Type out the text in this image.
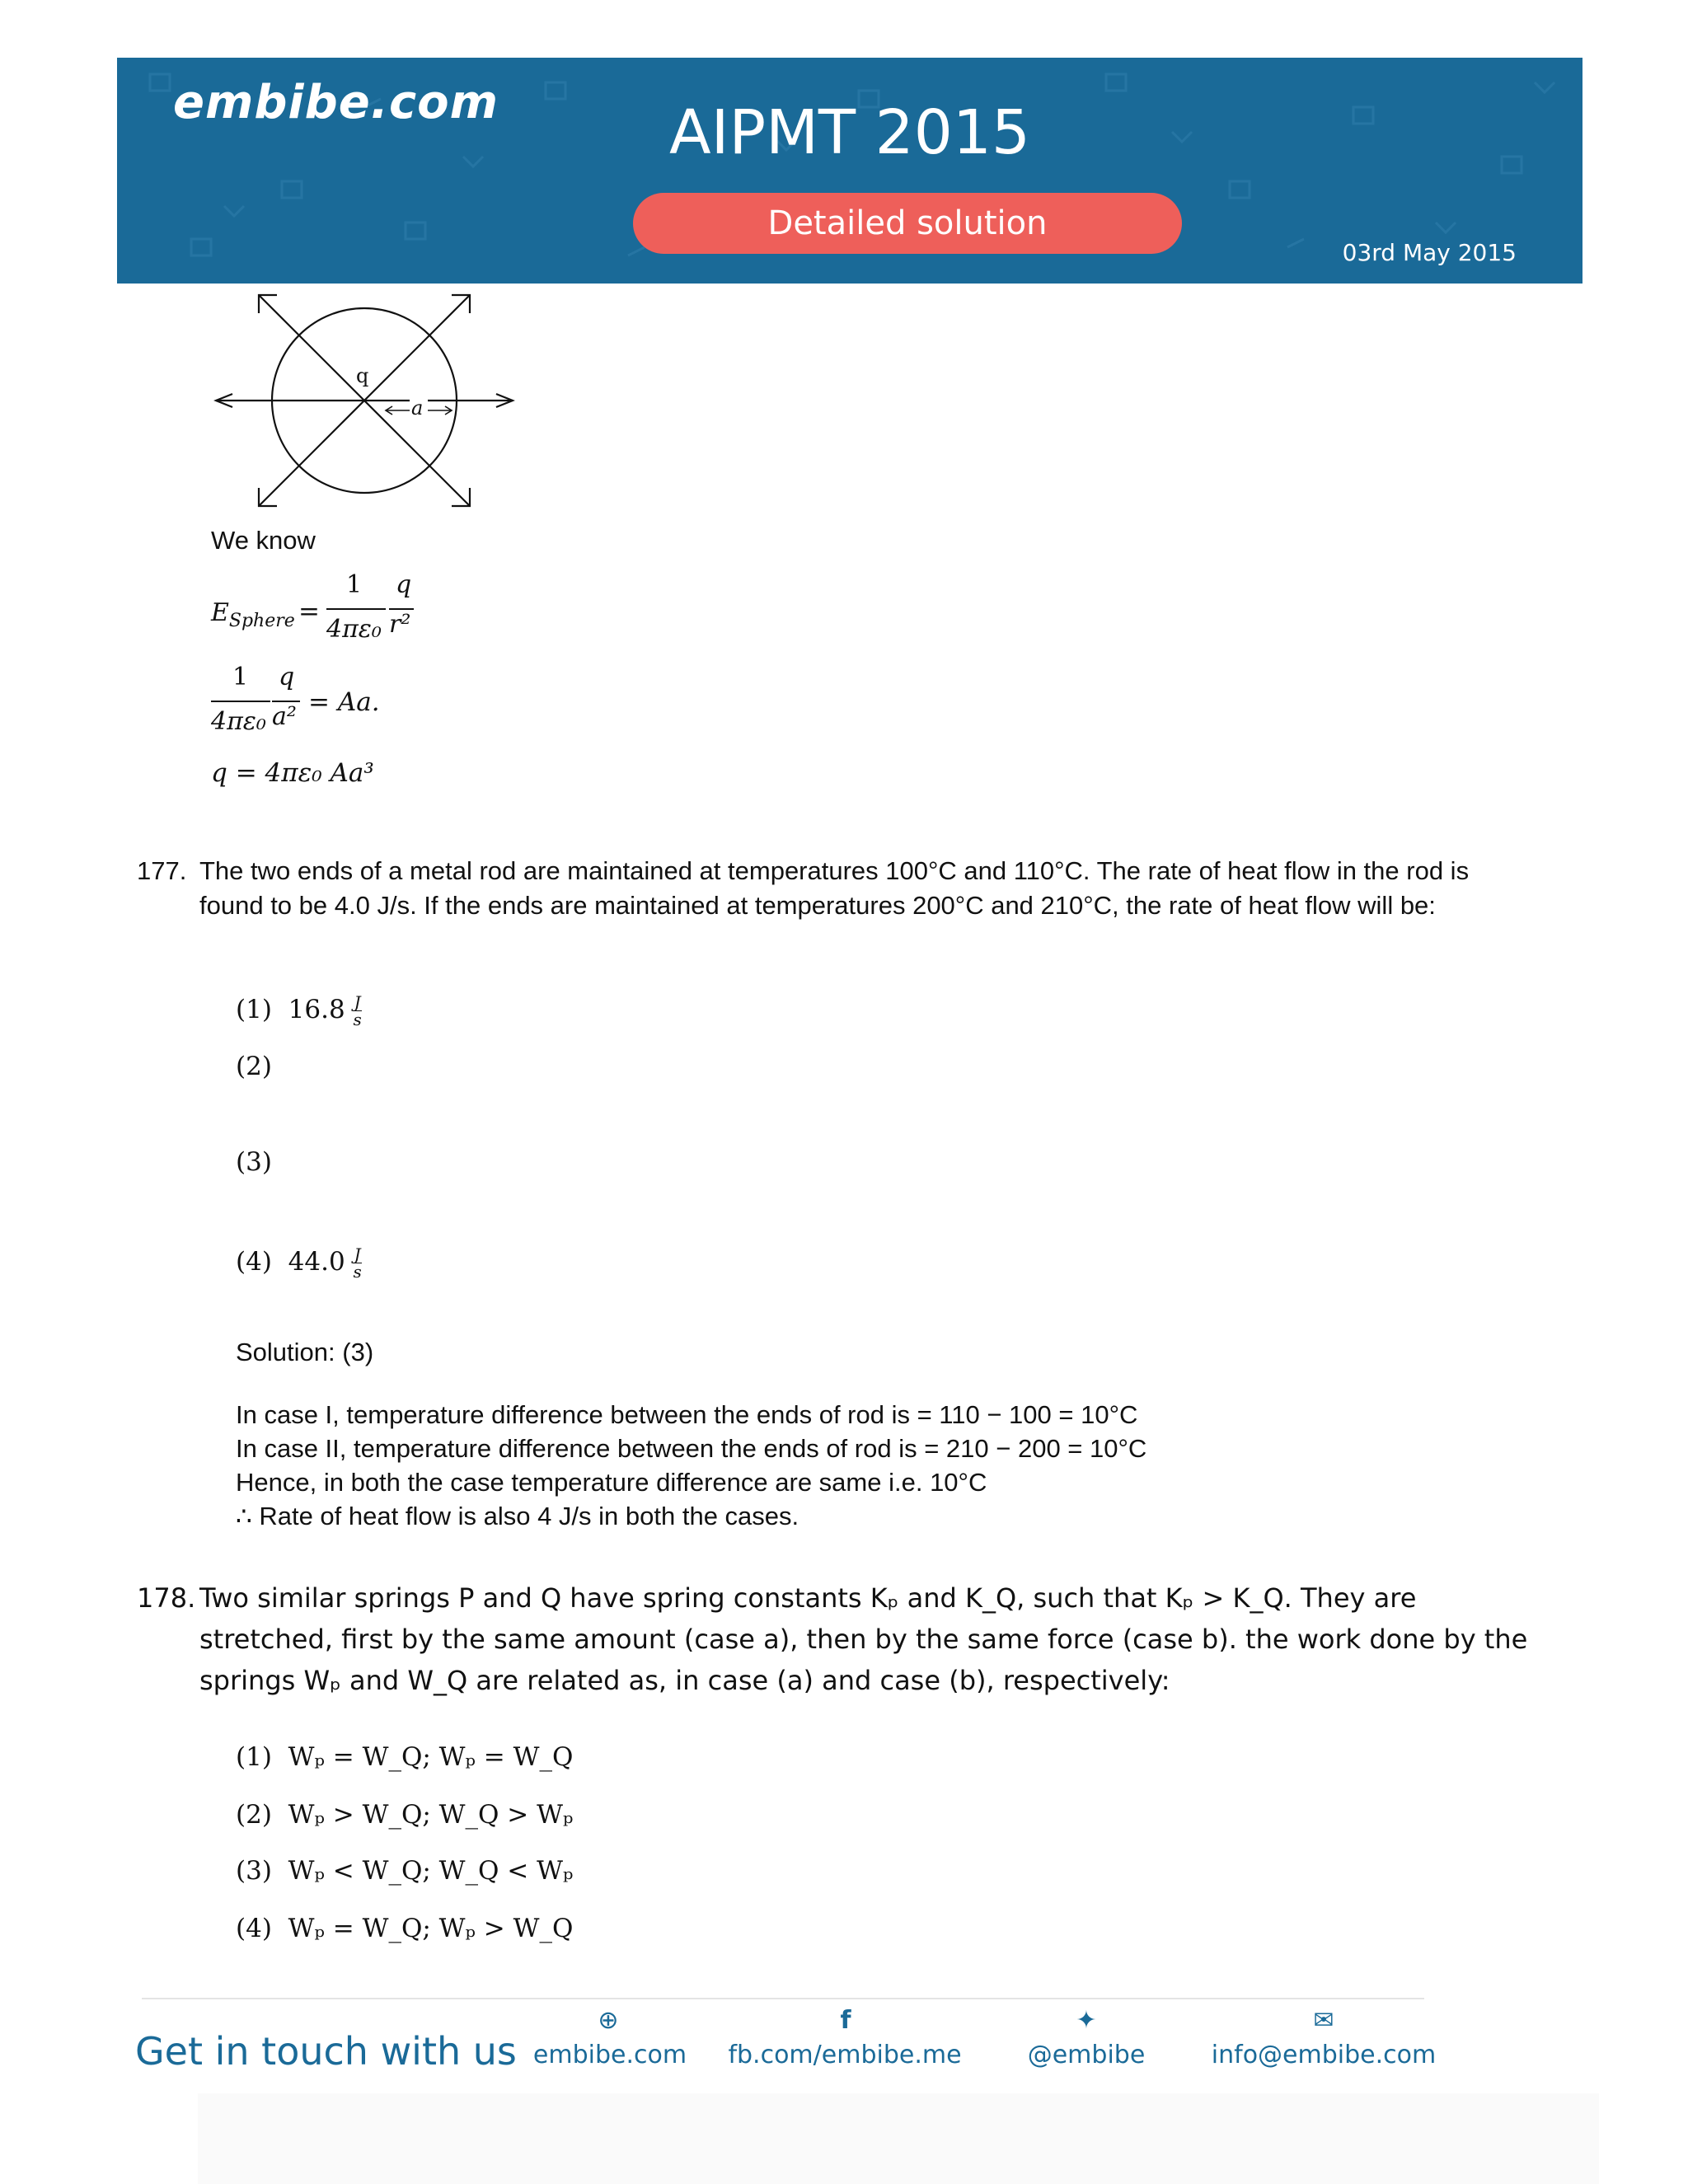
embibe.com	AIPMT 2015
Detailed solution
03rd May 2015
q
a
We know
$E_{Sphere}$ =
1
4πε₀
q
r²
1
4πε₀
q
a² = Aa.
q = 4πε₀ Aa³
177. The two ends of a metal rod are maintained at temperatures 100°C and 110°C. The rate of heat flow in the rod is found to be 4.0 J/s. If the ends are maintained at temperatures 200°C and 210°C, the rate of heat flow will be:
(1) $16.8 \frac{J}{s}$
(2)
(3)
(4) $44.0 \frac{J}{s}$
Solution: (3)
In case I, temperature difference between the ends of rod is = 110 − 100 = 10°C
In case II, temperature difference between the ends of rod is = 210 − 200 = 10°C
Hence, in both the case temperature difference are same i.e. 10°C
∴ Rate of heat flow is also 4 J/s in both the cases.
178. Two similar springs P and Q have spring constants Kₚ and K_Q, such that Kₚ > K_Q. They are stretched, first by the same amount (case a), then by the same force (case b). the work done by the springs Wₚ and W_Q are related as, in case (a) and case (b), respectively:
(1) Wₚ = W_Q; Wₚ = W_Q
(2) Wₚ > W_Q; W_Q > Wₚ
(3) Wₚ < W_Q; W_Q < Wₚ
(4) Wₚ = W_Q; Wₚ > W_Q
Get in touch with us
⊕
embibe.com
f
fb.com/embibe.me
✦
@embibe
✉
info@embibe.com
